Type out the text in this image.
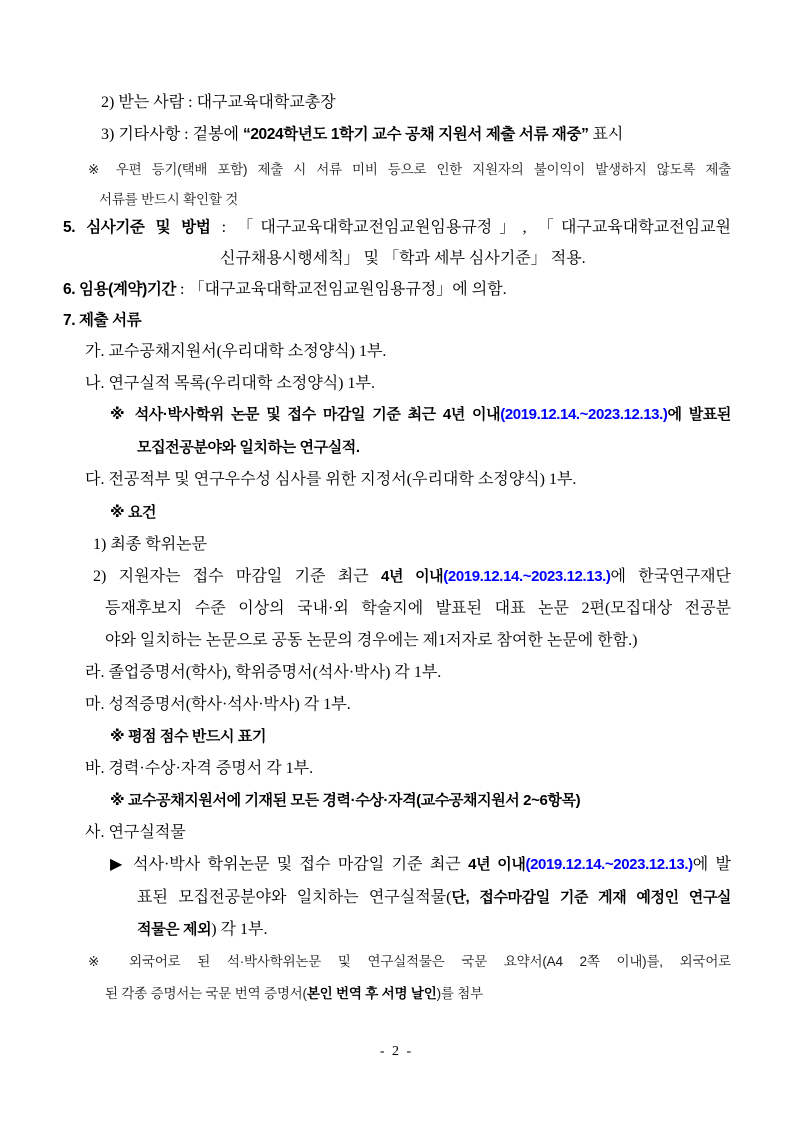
2) 받는 사람 : 대구교육대학교총장
3) 기타사항 : 겉봉에 “2024학년도 1학기 교수 공채 지원서 제출 서류 재중” 표시
※ 우편 등기(택배 포함) 제출 시 서류 미비 등으로 인한 지원자의 불이익이 발생하지 않도록 제출
서류를 반드시 확인할 것
5. 심사기준 및 방법 : 「대구교육대학교전임교원임용규정」, 「대구교육대학교전임교원
신규채용시행세칙」 및 「학과 세부 심사기준」 적용.
6. 임용(계약)기간 : 「대구교육대학교전임교원임용규정」에 의함.
7. 제출 서류
가. 교수공채지원서(우리대학 소정양식) 1부.
나. 연구실적 목록(우리대학 소정양식) 1부.
※ 석사·박사학위 논문 및 접수 마감일 기준 최근 4년 이내(2019.12.14.~2023.12.13.)에 발표된
모집전공분야와 일치하는 연구실적.
다. 전공적부 및 연구우수성 심사를 위한 지정서(우리대학 소정양식) 1부.
※ 요건
1) 최종 학위논문
2) 지원자는 접수 마감일 기준 최근 4년 이내(2019.12.14.~2023.12.13.)에 한국연구재단
등재후보지 수준 이상의 국내·외 학술지에 발표된 대표 논문 2편(모집대상 전공분
야와 일치하는 논문으로 공동 논문의 경우에는 제1저자로 참여한 논문에 한함.)
라. 졸업증명서(학사), 학위증명서(석사·박사) 각 1부.
마. 성적증명서(학사·석사·박사) 각 1부.
※ 평점 점수 반드시 표기
바. 경력·수상·자격 증명서 각 1부.
※ 교수공채지원서에 기재된 모든 경력·수상·자격(교수공채지원서 2~6항목)
사. 연구실적물
▶ 석사·박사 학위논문 및 접수 마감일 기준 최근 4년 이내(2019.12.14.~2023.12.13.)에 발
표된 모집전공분야와 일치하는 연구실적물(단, 접수마감일 기준 게재 예정인 연구실
적물은 제외) 각 1부.
※ 외국어로 된 석·박사학위논문 및 연구실적물은 국문 요약서(A4 2쪽 이내)를, 외국어로
된 각종 증명서는 국문 번역 증명서(본인 번역 후 서명 날인)를 첨부
- 2 -
